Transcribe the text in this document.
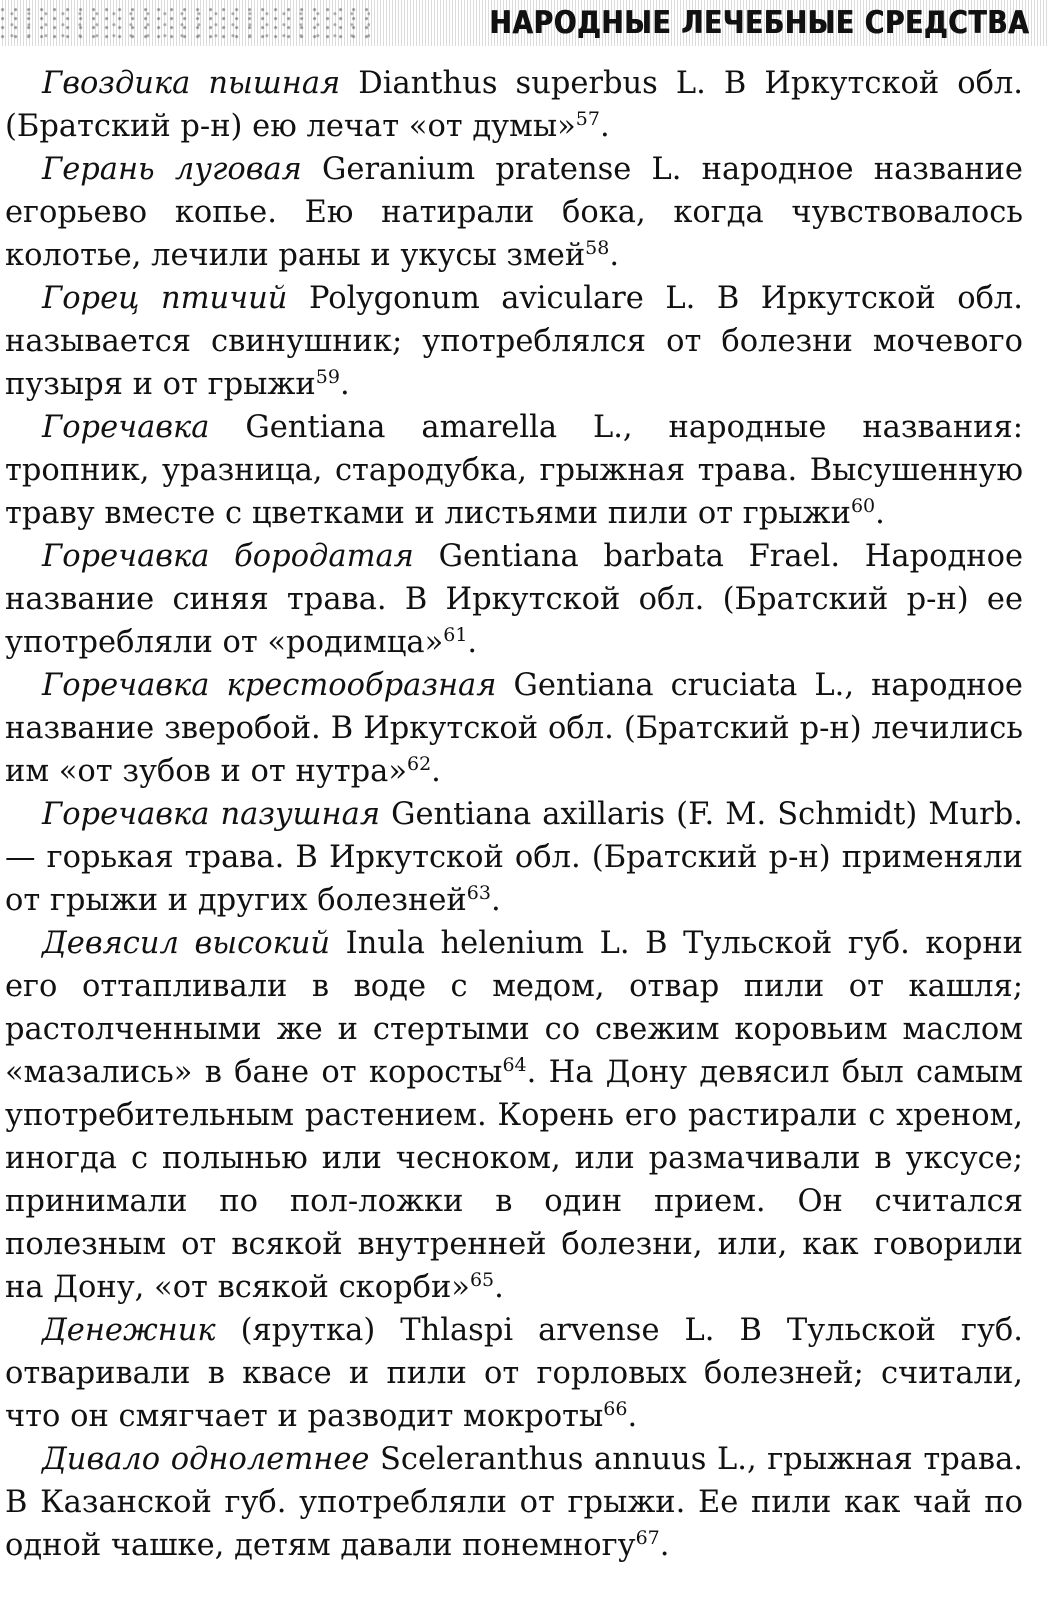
НАРОДНЫЕ ЛЕЧЕБНЫЕ СРЕДСТВА

Гвоздика пышная Dianthus superbus L. В Иркутской обл. (Братский р-н) ею лечат «от думы»$^{57}$.

Герань луговая Geranium pratense L. народное название егорьево копье. Ею натирали бока, когда чувствовалось колотье, лечили раны и укусы змей$^{58}$.

Горец птичий Polygonum aviculare L. В Иркутской обл. называется свинушник; употреблялся от болезни мочевого пузыря и от грыжи$^{59}$.

Горечавка Gentiana amarella L., народные названия: тропник, уразница, стародубка, грыжная трава. Высушенную траву вместе с цветками и листьями пили от грыжи$^{60}$.

Горечавка бородатая Gentiana barbata Frael. Народное название синяя трава. В Иркутской обл. (Братский р-н) ее употребляли от «родимца»$^{61}$.

Горечавка крестообразная Gentiana cruciata L., народное название зверобой. В Иркутской обл. (Братский р-н) лечились им «от зубов и от нутра»$^{62}$.

Горечавка пазушная Gentiana axillaris (F. M. Schmidt) Murb. — горькая трава. В Иркутской обл. (Братский р-н) применяли от грыжи и других болезней$^{63}$.

Девясил высокий Inula helenium L. В Тульской губ. корни его оттапливали в воде с медом, отвар пили от кашля; растолченными же и стертыми со свежим коровьим маслом «мазались» в бане от коросты$^{64}$. На Дону девясил был самым употребительным растением. Корень его растирали с хреном, иногда с полынью или чесноком, или размачивали в уксусе; принимали по пол-ложки в один прием. Он считался полезным от всякой внутренней болезни, или, как говорили на Дону, «от всякой скорби»$^{65}$.

Денежник (ярутка) Thlaspi arvense L. В Тульской губ. отваривали в квасе и пили от горловых болезней; считали, что он смягчает и разводит мокроты$^{66}$.

Дивало однолетнее Sceleranthus annuus L., грыжная трава. В Казанской губ. употребляли от грыжи. Ее пили как чай по одной чашке, детям давали понемногу$^{67}$.
